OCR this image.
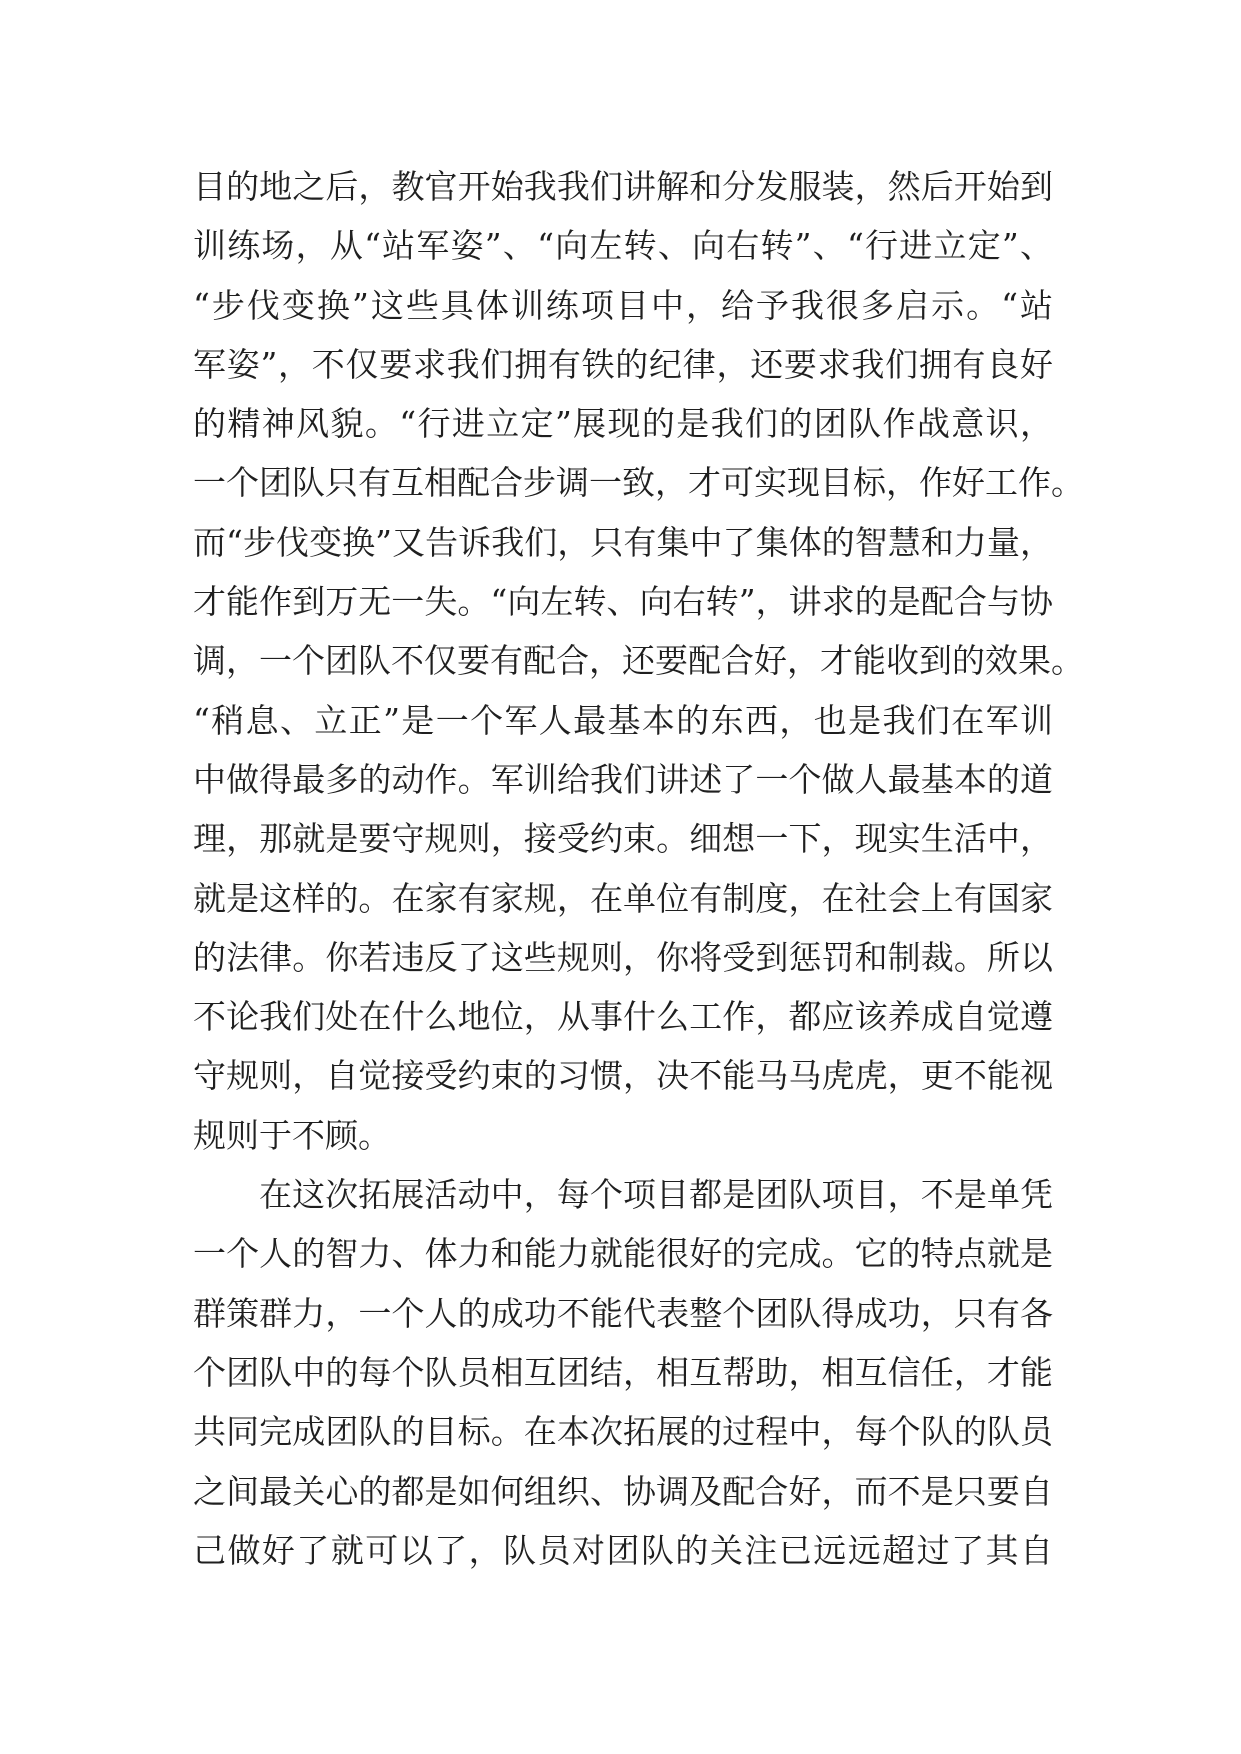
目的地之后，教官开始我我们讲解和分发服装，然后开始到
训练场，从“站军姿”、“向左转、向右转”、“行进立定”、
“步伐变换”这些具体训练项目中，给予我很多启示。“站
军姿”，不仅要求我们拥有铁的纪律，还要求我们拥有良好
的精神风貌。“行进立定”展现的是我们的团队作战意识，
一个团队只有互相配合步调一致，才可实现目标，作好工作。
而“步伐变换”又告诉我们，只有集中了集体的智慧和力量，
才能作到万无一失。“向左转、向右转”，讲求的是配合与协
调，一个团队不仅要有配合，还要配合好，才能收到的效果。
“稍息、立正”是一个军人最基本的东西，也是我们在军训
中做得最多的动作。军训给我们讲述了一个做人最基本的道
理，那就是要守规则，接受约束。细想一下，现实生活中，
就是这样的。在家有家规，在单位有制度，在社会上有国家
的法律。你若违反了这些规则，你将受到惩罚和制裁。所以
不论我们处在什么地位，从事什么工作，都应该养成自觉遵
守规则，自觉接受约束的习惯，决不能马马虎虎，更不能视
规则于不顾。
在这次拓展活动中，每个项目都是团队项目，不是单凭
一个人的智力、体力和能力就能很好的完成。它的特点就是
群策群力，一个人的成功不能代表整个团队得成功，只有各
个团队中的每个队员相互团结，相互帮助，相互信任，才能
共同完成团队的目标。在本次拓展的过程中，每个队的队员
之间最关心的都是如何组织、协调及配合好，而不是只要自
己做好了就可以了，队员对团队的关注已远远超过了其自
